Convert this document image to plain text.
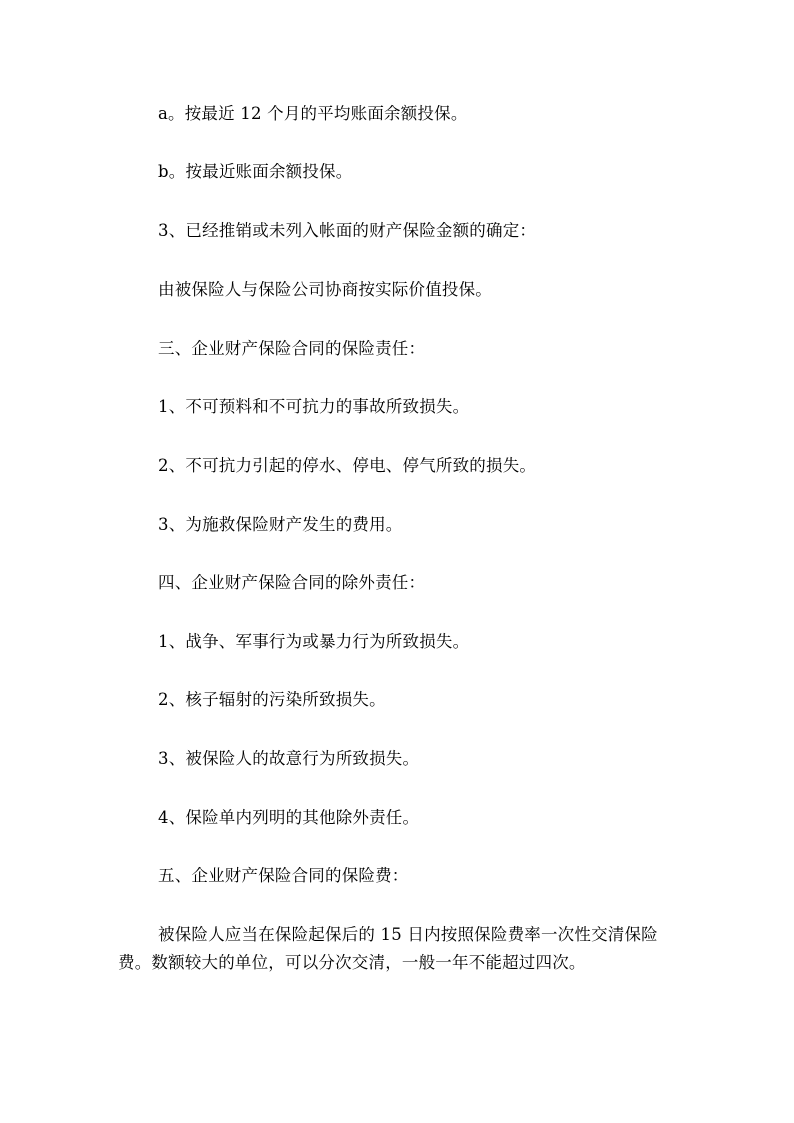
a。按最近 12 个月的平均账面余额投保。
b。按最近账面余额投保。
3、已经推销或未列入帐面的财产保险金额的确定：
由被保险人与保险公司协商按实际价值投保。
三、企业财产保险合同的保险责任：
1、不可预料和不可抗力的事故所致损失。
2、不可抗力引起的停水、停电、停气所致的损失。
3、为施救保险财产发生的费用。
四、企业财产保险合同的除外责任：
1、战争、军事行为或暴力行为所致损失。
2、核子辐射的污染所致损失。
3、被保险人的故意行为所致损失。
4、保险单内列明的其他除外责任。
五、企业财产保险合同的保险费：
被保险人应当在保险起保后的 15 日内按照保险费率一次性交清保险费。数额较大的单位，可以分次交清，一般一年不能超过四次。
